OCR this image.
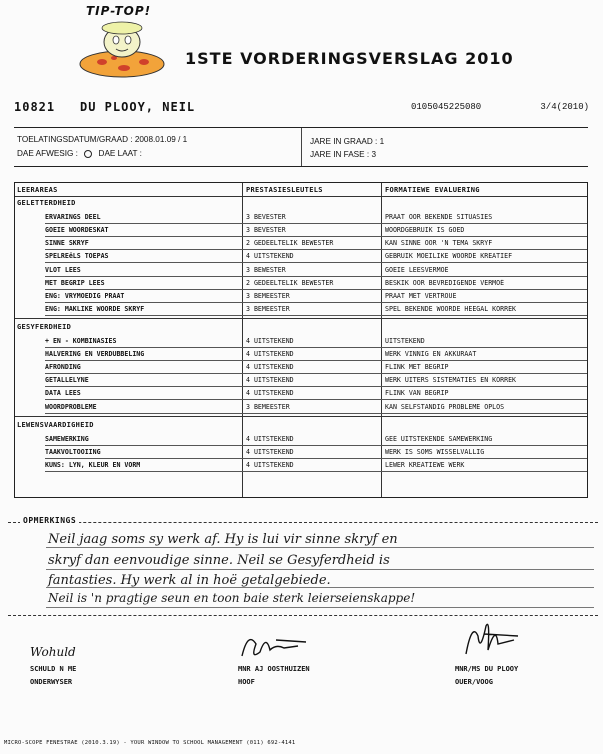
TIP-TOP!
1STE VORDERINGSVERSLAG 2010
10821 DU PLOOY, NEIL	0105045225080	3/4(2010)
TOELATINGSDATUM/GRAAD : 2008.01.09 / 1
DAE AFWESIG :	DAE LAAT :
JARE IN GRAAD : 1
JARE IN FASE : 3
LEERAREAS	PRESTASIESLEUTELS	FORMATIEWE EVALUERING
GELETTERDHEID
ERVARINGS DEEL	3 BEVESTER	PRAAT OOR BEKENDE SITUASIES
GOEIE WOORDESKAT	3 BEVESTER	WOORDGEBRUIK IS GOED
SINNE SKRYF	2 GEDEELTELIK BEWESTER	KAN SINNE OOR 'N TEMA SKRYF
SPELREëLS TOEPAS	4 UITSTEKEND	GEBRUIK MOEILIKE WOORDE KREATIEF
VLOT LEES	3 BEWESTER	GOEIE LEESVERMOË
MET BEGRIP LEES	2 GEDEELTELIK BEWESTER	BESKIK OOR BEVREDIGENDE VERMOË
ENG: VRYMOEDIG PRAAT	3 BEMEESTER	PRAAT MET VERTROUE
ENG: MAKLIKE WOORDE SKRYF	3 BEMEESTER	SPEL BEKENDE WOORDE HEEGAL KORREK
GESYFERDHEID
+ EN - KOMBINASIES	4 UITSTEKEND	UITSTEKEND
HALVERING EN VERDUBBELING	4 UITSTEKEND	WERK VINNIG EN AKKURAAT
AFRONDING	4 UITSTEKEND	FLINK MET BEGRIP
GETALLELYNE	4 UITSTEKEND	WERK UITERS SISTEMATIES EN KORREK
DATA LEES	4 UITSTEKEND	FLINK VAN BEGRIP
WOORDPROBLEME	3 BEMEESTER	KAN SELFSTANDIG PROBLEME OPLOS
LEWENSVAARDIGHEID
SAMEWERKING	4 UITSTEKEND	GEE UITSTEKENDE SAMEWERKING
TAAKVOLTOOIING	4 UITSTEKEND	WERK IS SOMS WISSELVALLIG
KUNS: LYN, KLEUR EN VORM	4 UITSTEKEND	LEWER KREATIEWE WERK
OPMERKINGS
Neil jaag soms sy werk af. Hy is lui vir sinne skryf en
skryf dan eenvoudige sinne. Neil se Gesyferdheid is
fantasties. Hy werk al in hoë getalgebiede.
Neil is 'n pragtige seun en toon baie sterk leierseienskappe!
Wohuld
SCHULD N ME
ONDERWYSER
MNR AJ OOSTHUIZEN
HOOF
MNR/MS DU PLOOY
OUER/VOOG
MICRO-SCOPE FENESTRAE (2010.3.19) - YOUR WINDOW TO SCHOOL MANAGEMENT (011) 692-4141
